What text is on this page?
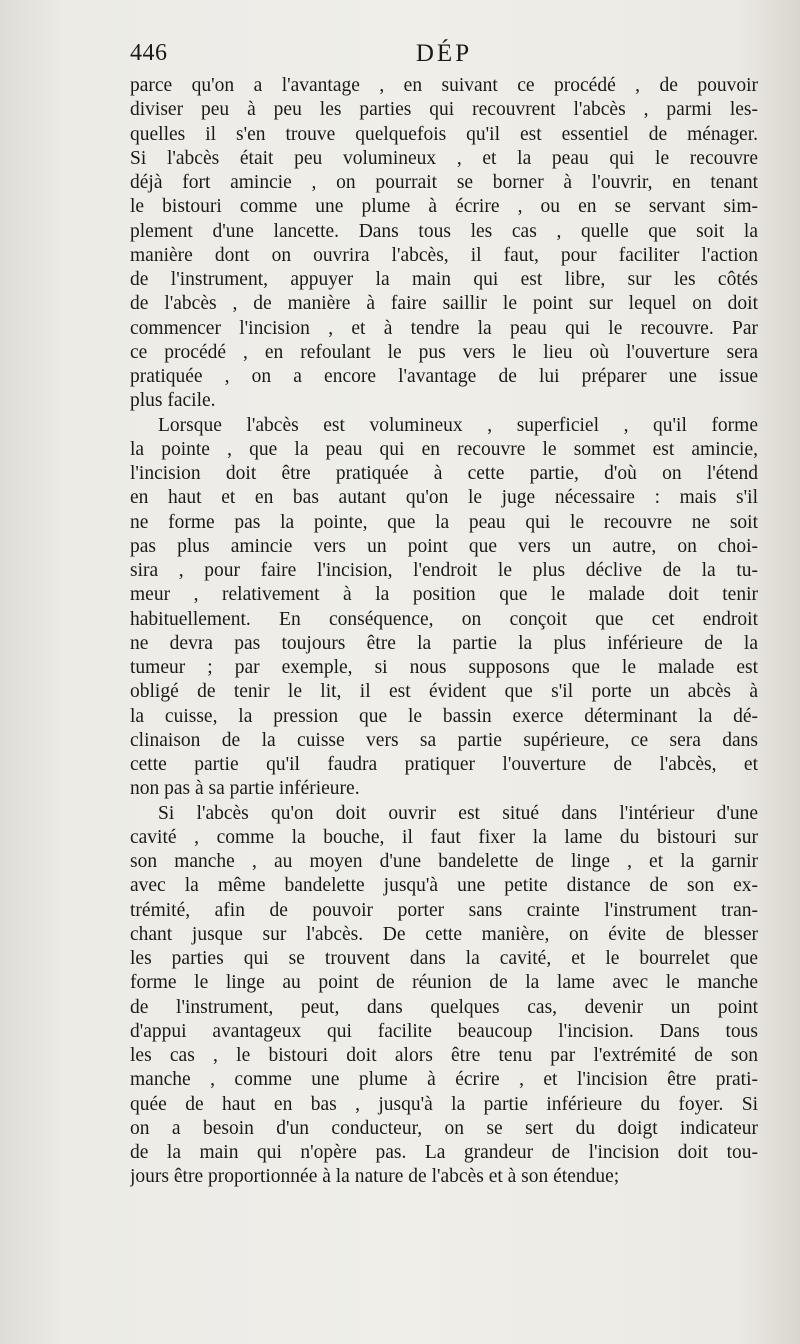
446	DÉP
parce qu'on a l'avantage , en suivant ce procédé , de pouvoir
diviser peu à peu les parties qui recouvrent l'abcès , parmi les-
quelles il s'en trouve quelquefois qu'il est essentiel de ménager.
Si l'abcès était peu volumineux , et la peau qui le recouvre
déjà fort amincie , on pourrait se borner à l'ouvrir, en tenant
le bistouri comme une plume à écrire , ou en se servant sim-
plement d'une lancette. Dans tous les cas , quelle que soit la
manière dont on ouvrira l'abcès, il faut, pour faciliter l'action
de l'instrument, appuyer la main qui est libre, sur les côtés
de l'abcès , de manière à faire saillir le point sur lequel on doit
commencer l'incision , et à tendre la peau qui le recouvre. Par
ce procédé , en refoulant le pus vers le lieu où l'ouverture sera
pratiquée , on a encore l'avantage de lui préparer une issue
plus facile.
Lorsque l'abcès est volumineux , superficiel , qu'il forme
la pointe , que la peau qui en recouvre le sommet est amincie,
l'incision doit être pratiquée à cette partie, d'où on l'étend
en haut et en bas autant qu'on le juge nécessaire : mais s'il
ne forme pas la pointe, que la peau qui le recouvre ne soit
pas plus amincie vers un point que vers un autre, on choi-
sira , pour faire l'incision, l'endroit le plus déclive de la tu-
meur , relativement à la position que le malade doit tenir
habituellement. En conséquence, on conçoit que cet endroit
ne devra pas toujours être la partie la plus inférieure de la
tumeur ; par exemple, si nous supposons que le malade est
obligé de tenir le lit, il est évident que s'il porte un abcès à
la cuisse, la pression que le bassin exerce déterminant la dé-
clinaison de la cuisse vers sa partie supérieure, ce sera dans
cette partie qu'il faudra pratiquer l'ouverture de l'abcès, et
non pas à sa partie inférieure.
Si l'abcès qu'on doit ouvrir est situé dans l'intérieur d'une
cavité , comme la bouche, il faut fixer la lame du bistouri sur
son manche , au moyen d'une bandelette de linge , et la garnir
avec la même bandelette jusqu'à une petite distance de son ex-
trémité, afin de pouvoir porter sans crainte l'instrument tran-
chant jusque sur l'abcès. De cette manière, on évite de blesser
les parties qui se trouvent dans la cavité, et le bourrelet que
forme le linge au point de réunion de la lame avec le manche
de l'instrument, peut, dans quelques cas, devenir un point
d'appui avantageux qui facilite beaucoup l'incision. Dans tous
les cas , le bistouri doit alors être tenu par l'extrémité de son
manche , comme une plume à écrire , et l'incision être prati-
quée de haut en bas , jusqu'à la partie inférieure du foyer. Si
on a besoin d'un conducteur, on se sert du doigt indicateur
de la main qui n'opère pas. La grandeur de l'incision doit tou-
jours être proportionnée à la nature de l'abcès et à son étendue;
